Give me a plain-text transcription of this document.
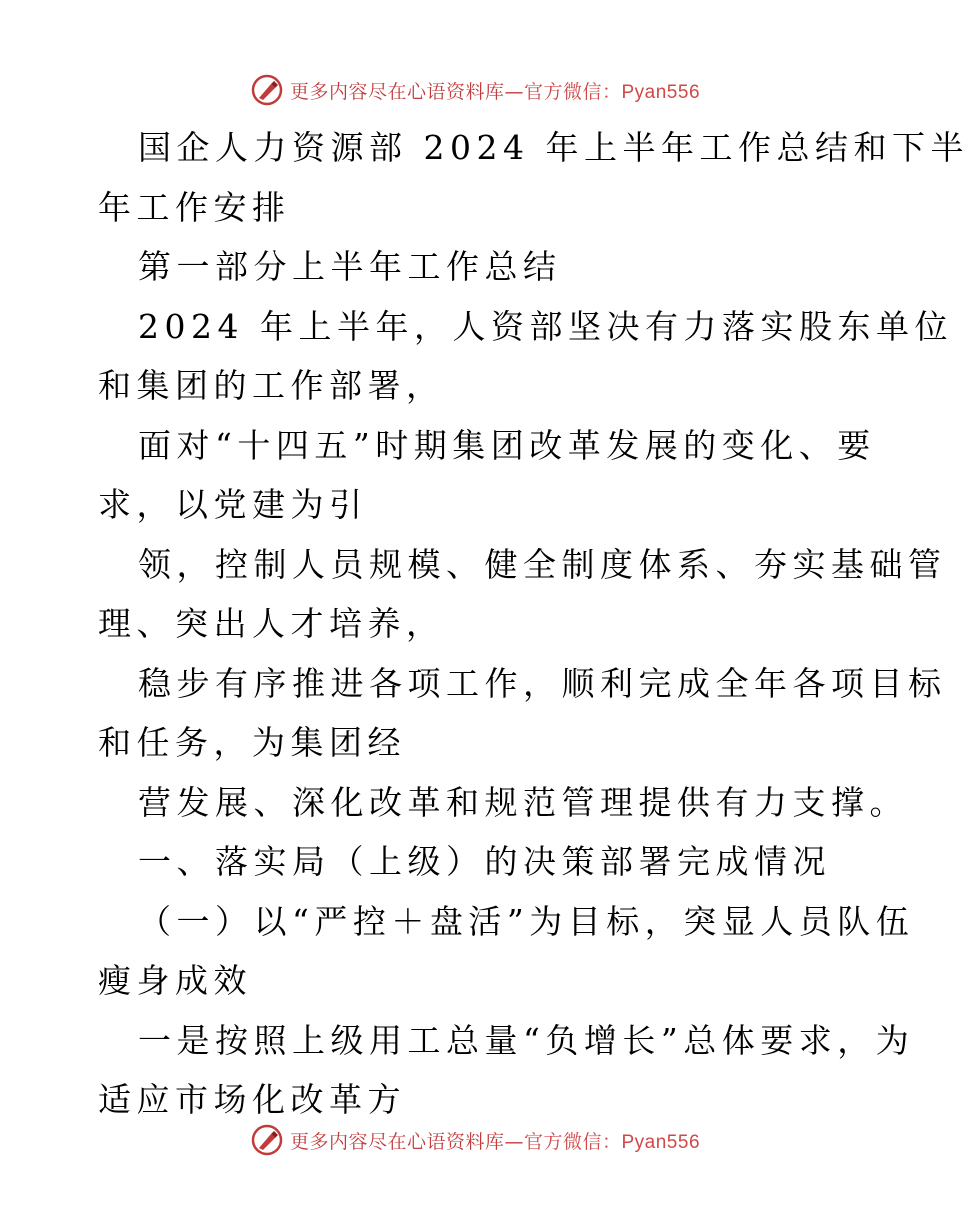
更多内容尽在心语资料库—官方微信：Pyan556
国企人力资源部 2024 年上半年工作总结和下半
年工作安排
第一部分上半年工作总结
2024 年上半年，人资部坚决有力落实股东单位
和集团的工作部署，
面对“十四五”时期集团改革发展的变化、要
求，以党建为引
领，控制人员规模、健全制度体系、夯实基础管
理、突出人才培养，
稳步有序推进各项工作，顺利完成全年各项目标
和任务，为集团经
营发展、深化改革和规范管理提供有力支撑。
一、落实局（上级）的决策部署完成情况
（一）以“严控＋盘活”为目标，突显人员队伍
瘦身成效
一是按照上级用工总量“负增长”总体要求，为
适应市场化改革方
更多内容尽在心语资料库—官方微信：Pyan556
